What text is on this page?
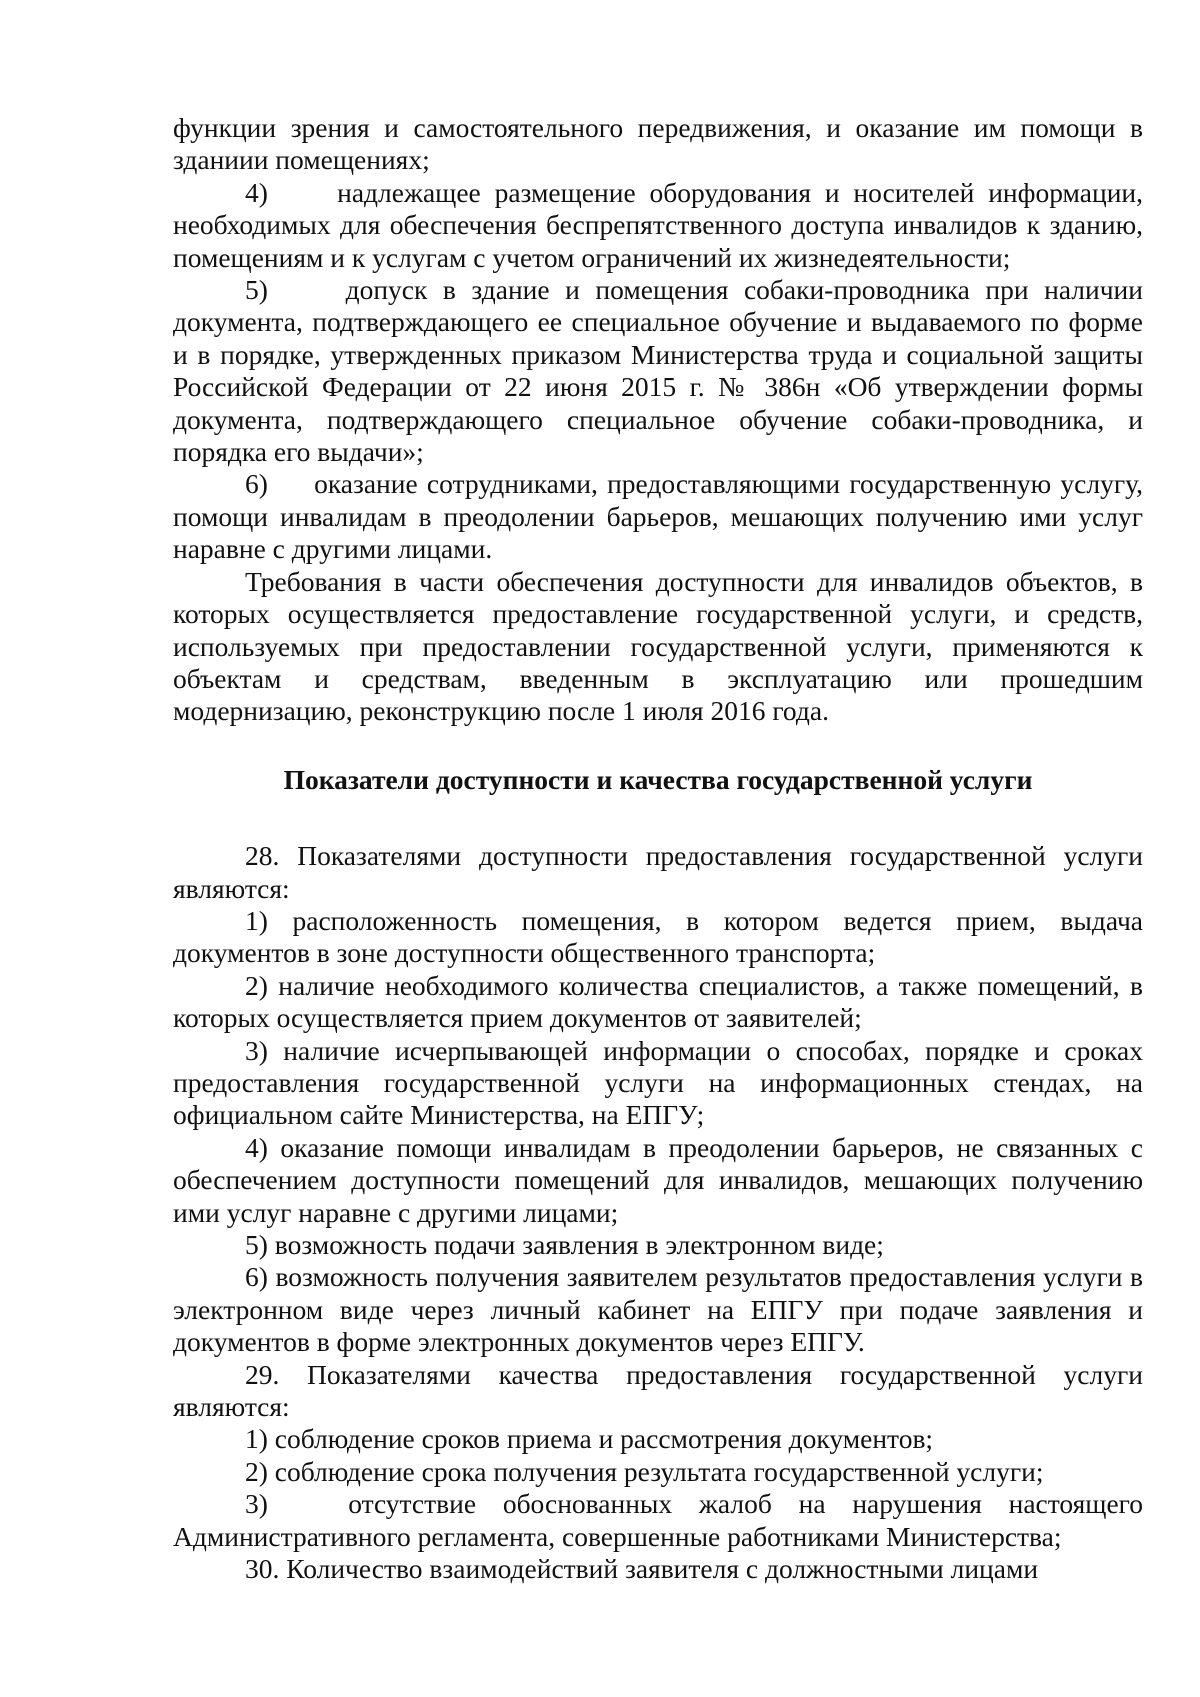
функции зрения и самостоятельного передвижения, и оказание им помощи в зданиии помещениях;

4)     надлежащее размещение оборудования и носителей информации, необходимых для обеспечения беспрепятственного доступа инвалидов к зданию, помещениям и к услугам с учетом ограничений их жизнедеятельности;

5)     допуск в здание и помещения собаки-проводника при наличии документа, подтверждающего ее специальное обучение и выдаваемого по форме и в порядке, утвержденных приказом Министерства труда и социальной защиты Российской Федерации от 22 июня 2015 г. № 386н «Об утверждении формы документа, подтверждающего специальное обучение собаки-проводника, и порядка его выдачи»;

6)     оказание сотрудниками, предоставляющими государственную услугу, помощи инвалидам в преодолении барьеров, мешающих получению ими услуг наравне с другими лицами.

Требования в части обеспечения доступности для инвалидов объектов, в которых осуществляется предоставление государственной услуги, и средств, используемых при предоставлении государственной услуги, применяются к объектам и средствам, введенным в эксплуатацию или прошедшим модернизацию, реконструкцию после 1 июля 2016 года.

Показатели доступности и качества государственной услуги

28. Показателями доступности предоставления государственной услуги являются:

1) расположенность помещения, в котором ведется прием, выдача документов в зоне доступности общественного транспорта;

2) наличие необходимого количества специалистов, а также помещений, в которых осуществляется прием документов от заявителей;

3) наличие исчерпывающей информации о способах, порядке и сроках предоставления государственной услуги на информационных стендах, на официальном сайте Министерства, на ЕПГУ;

4) оказание помощи инвалидам в преодолении барьеров, не связанных с обеспечением доступности помещений для инвалидов, мешающих получению ими услуг наравне с другими лицами;

5) возможность подачи заявления в электронном виде;

6) возможность получения заявителем результатов предоставления услуги в электронном виде через личный кабинет на ЕПГУ при подаче заявления и документов в форме электронных документов через ЕПГУ.

29. Показателями качества предоставления государственной услуги являются:

1) соблюдение сроков приема и рассмотрения документов;

2) соблюдение срока получения результата государственной услуги;

3)   отсутствие обоснованных жалоб на нарушения настоящего Административного регламента, совершенные работниками Министерства;

30. Количество взаимодействий заявителя с должностными лицами
